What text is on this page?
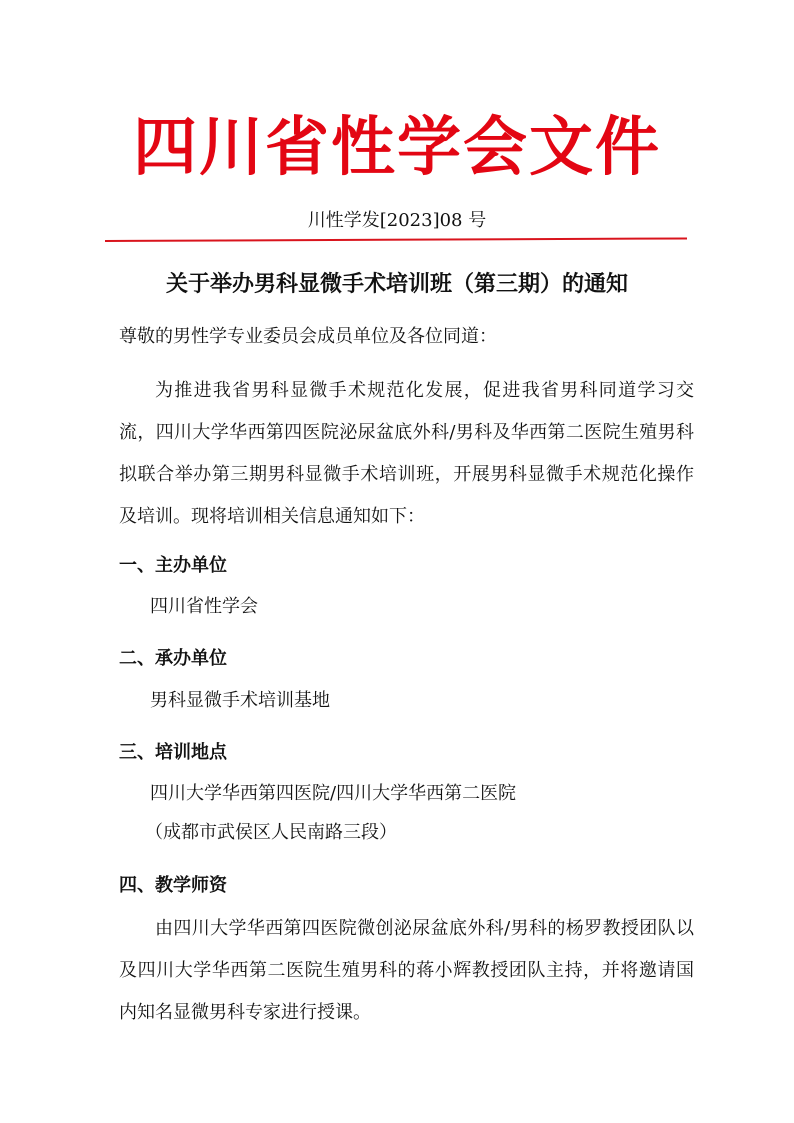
四川省性学会文件
川性学发[2023]08 号
关于举办男科显微手术培训班（第三期）的通知
尊敬的男性学专业委员会成员单位及各位同道：

为推进我省男科显微手术规范化发展，促进我省男科同道学习交流，四川大学华西第四医院泌尿盆底外科/男科及华西第二医院生殖男科拟联合举办第三期男科显微手术培训班，开展男科显微手术规范化操作及培训。现将培训相关信息通知如下：

一、主办单位
四川省性学会
二、承办单位
男科显微手术培训基地
三、培训地点
四川大学华西第四医院/四川大学华西第二医院
（成都市武侯区人民南路三段）
四、教学师资

由四川大学华西第四医院微创泌尿盆底外科/男科的杨罗教授团队以及四川大学华西第二医院生殖男科的蒋小辉教授团队主持，并将邀请国内知名显微男科专家进行授课。
